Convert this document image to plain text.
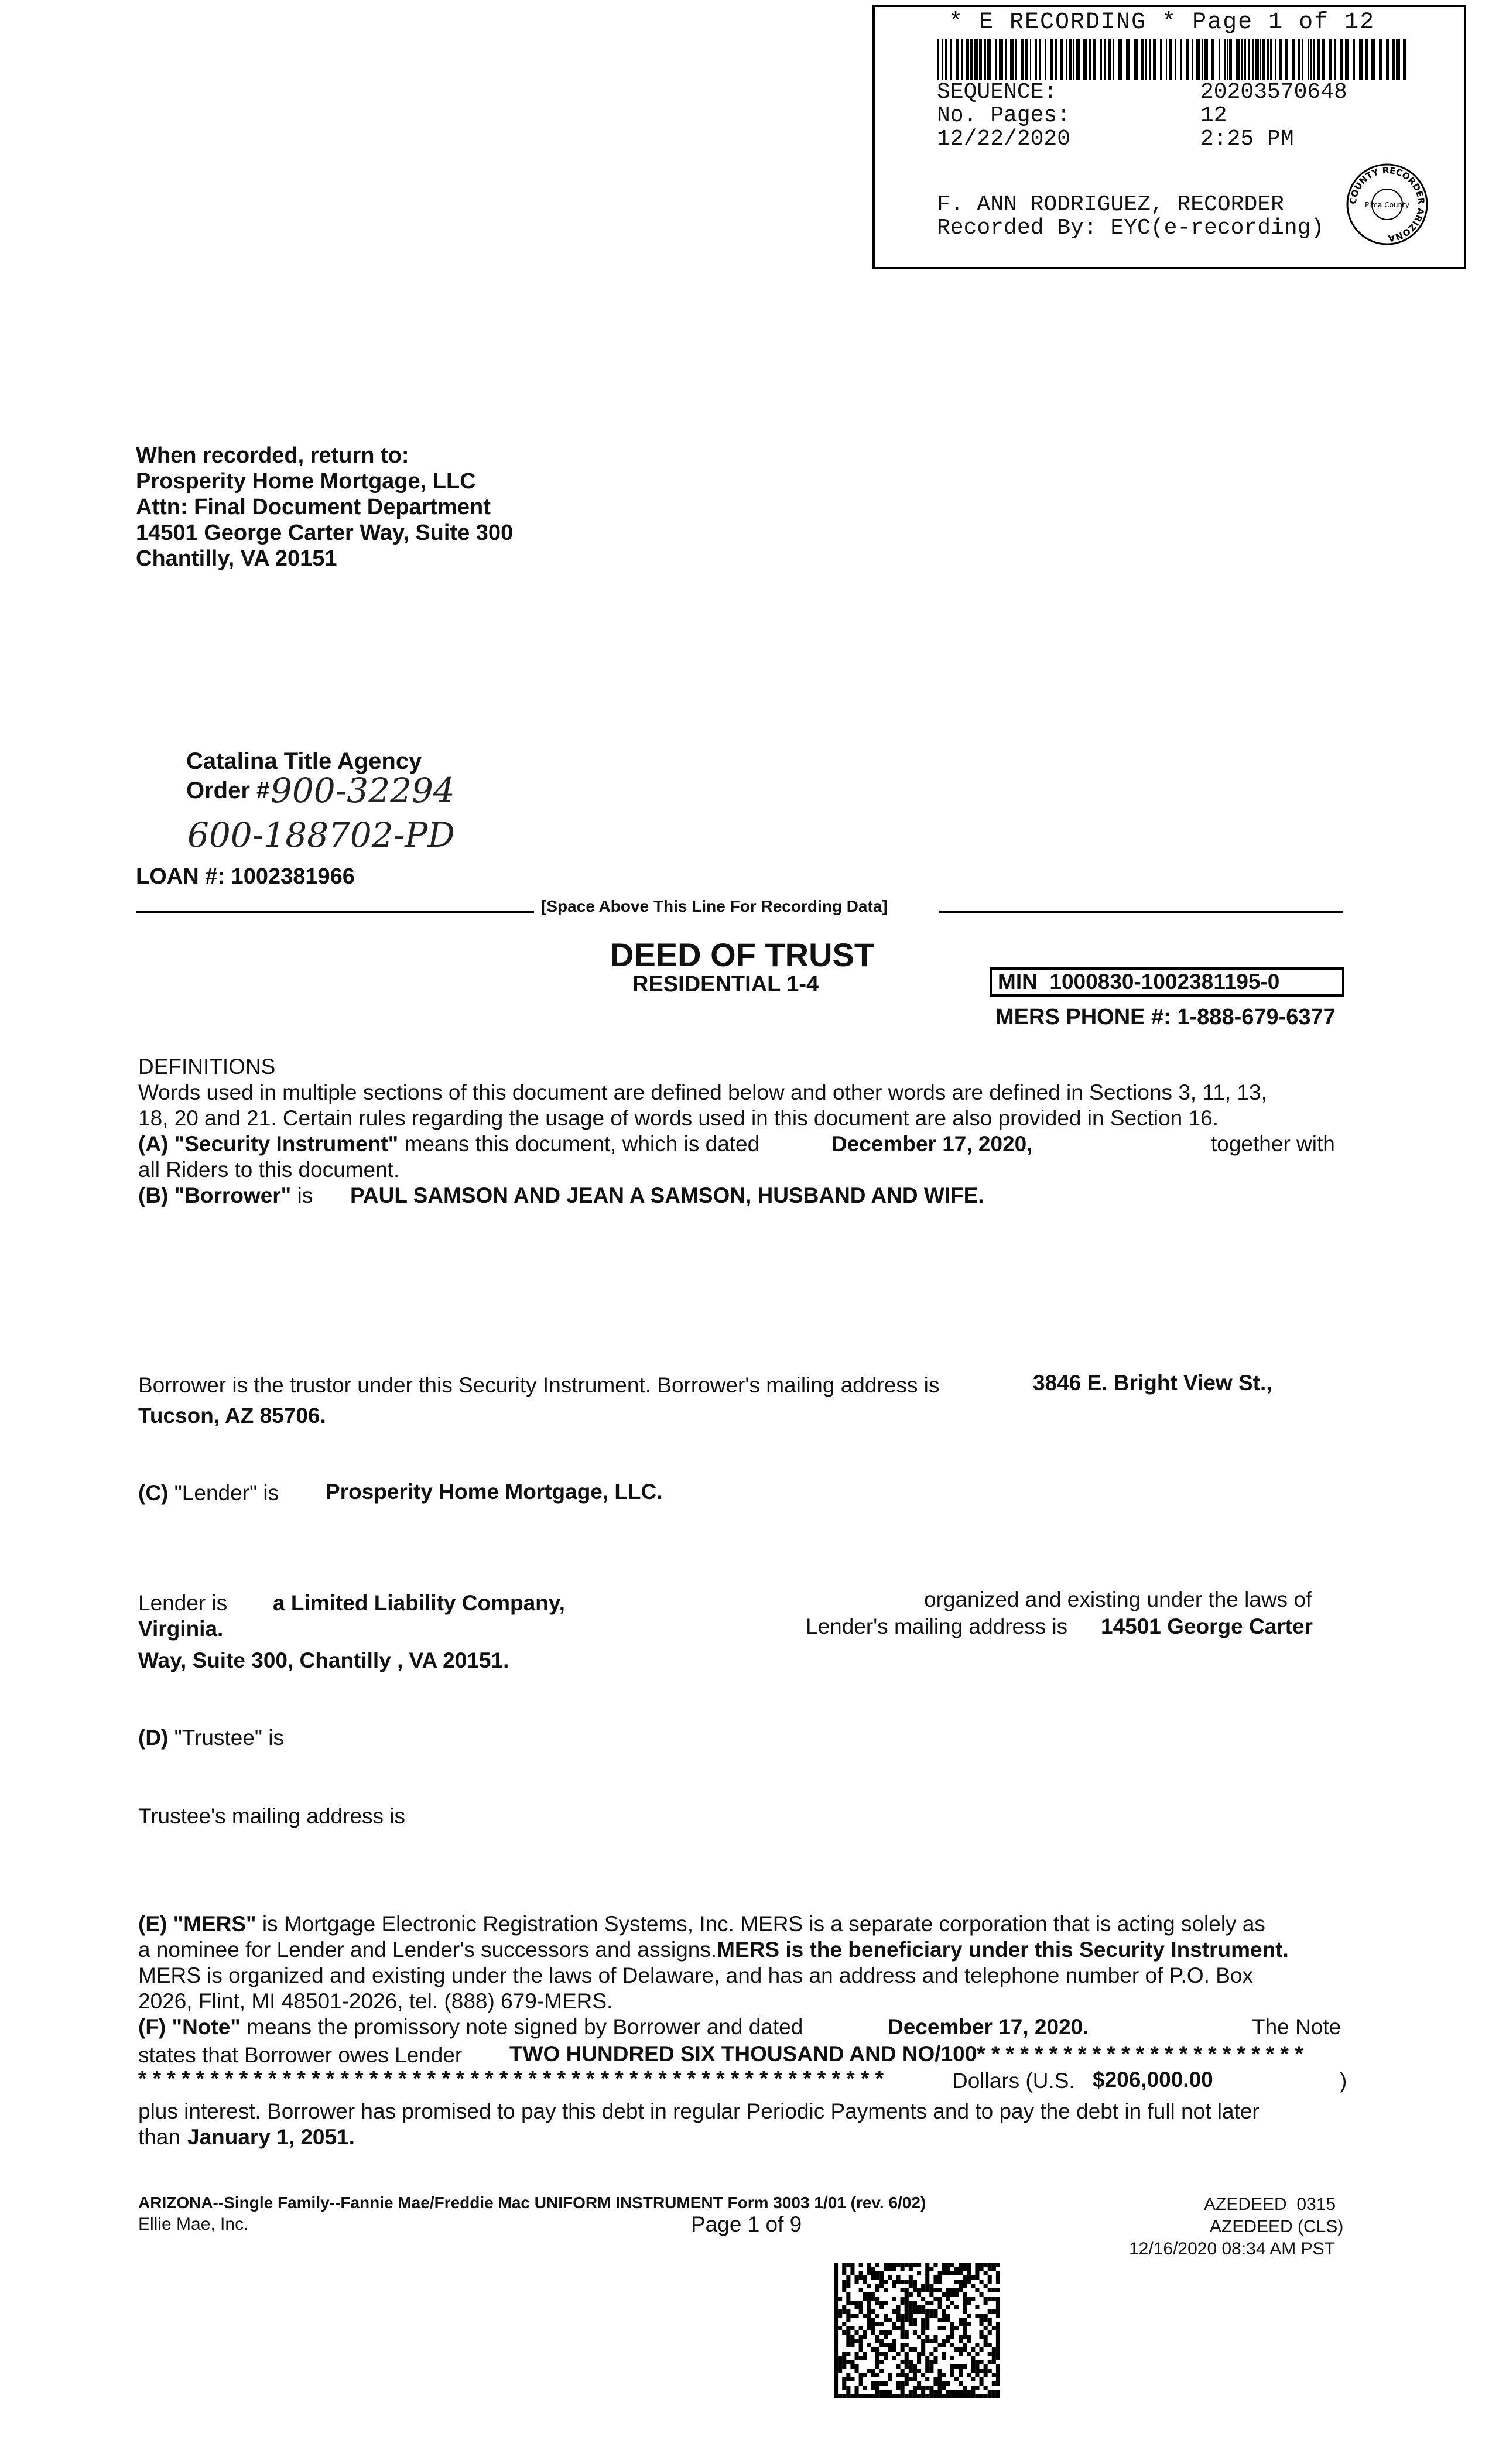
* E RECORDING * Page 1 of 12
SEQUENCE:	20203570648
No. Pages:	12
12/22/2020	2:25 PM
F. ANN RODRIGUEZ, RECORDER
Recorded By: EYC(e-recording)
COUNTY RECORDER ARIZONA
Pima County
When recorded, return to:
Prosperity Home Mortgage, LLC
Attn: Final Document Department
14501 George Carter Way, Suite 300
Chantilly, VA 20151
Catalina Title Agency
Order # 900-32294
600-188702-PD
LOAN #: 1002381966
[Space Above This Line For Recording Data]
DEED OF TRUST
RESIDENTIAL 1-4	MIN  1000830-1002381195-0
MERS PHONE #: 1-888-679-6377
DEFINITIONS
Words used in multiple sections of this document are defined below and other words are defined in Sections 3, 11, 13,
18, 20 and 21. Certain rules regarding the usage of words used in this document are also provided in Section 16.
(A) "Security Instrument" means this document, which is dated	December 17, 2020,	together with
all Riders to this document.
(B) "Borrower" is PAUL SAMSON AND JEAN A SAMSON, HUSBAND AND WIFE.
Borrower is the trustor under this Security Instrument. Borrower's mailing address is	3846 E. Bright View St.,
Tucson, AZ 85706.
(C) "Lender" is Prosperity Home Mortgage, LLC.
Lender is a Limited Liability Company,	organized and existing under the laws of
Virginia.	Lender's mailing address is 14501 George Carter
Way, Suite 300, Chantilly , VA 20151.
(D) "Trustee" is
Trustee's mailing address is
(E) "MERS" is Mortgage Electronic Registration Systems, Inc. MERS is a separate corporation that is acting solely as
a nominee for Lender and Lender's successors and assigns.MERS is the beneficiary under this Security Instrument.
MERS is organized and existing under the laws of Delaware, and has an address and telephone number of P.O. Box
2026, Flint, MI 48501-2026, tel. (888) 679-MERS.
(F) "Note" means the promissory note signed by Borrower and dated	December 17, 2020.	The Note
states that Borrower owes Lender TWO HUNDRED SIX THOUSAND AND NO/100* * * * * * * * * * * * * * * * * * * * * * *
* * * * * * * * * * * * * * * * * * * * * * * * * * * * * * * * * * * * * * * * * * * * * * * * * * * *	Dollars (U.S. $206,000.00	)
plus interest. Borrower has promised to pay this debt in regular Periodic Payments and to pay the debt in full not later
than January 1, 2051.
ARIZONA--Single Family--Fannie Mae/Freddie Mac UNIFORM INSTRUMENT Form 3003 1/01 (rev. 6/02)
Ellie Mae, Inc.	Page 1 of 9
AZEDEED  0315
AZEDEED (CLS)
12/16/2020 08:34 AM PST
